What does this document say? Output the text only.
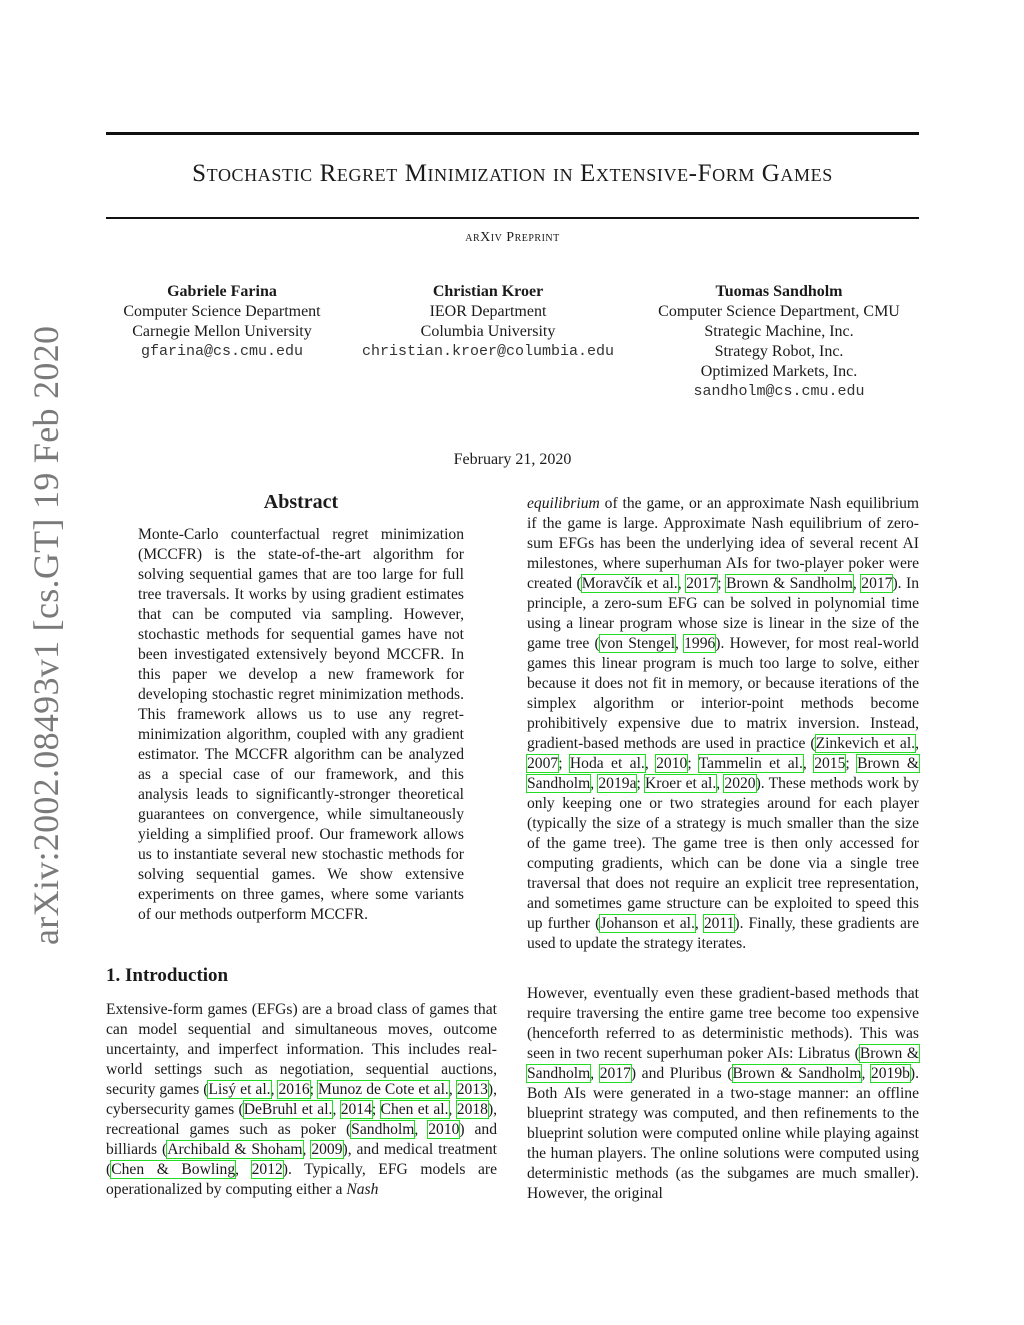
Stochastic Regret Minimization in Extensive-Form Games
arXiv Preprint
Gabriele Farina
Computer Science Department
Carnegie Mellon University
gfarina@cs.cmu.edu
Christian Kroer
IEOR Department
Columbia University
christian.kroer@columbia.edu
Tuomas Sandholm
Computer Science Department, CMU
Strategic Machine, Inc.
Strategy Robot, Inc.
Optimized Markets, Inc.
sandholm@cs.cmu.edu
February 21, 2020
arXiv:2002.08493v1 [cs.GT] 19 Feb 2020	Abstract

Monte-Carlo counterfactual regret minimization (MCCFR) is the state-of-the-art algorithm for solving sequential games that are too large for full tree traversals. It works by using gradient estimates that can be computed via sampling. However, stochastic methods for sequential games have not been investigated extensively beyond MCCFR. In this paper we develop a new framework for developing stochastic regret minimization methods. This framework allows us to use any regret-minimization algorithm, coupled with any gradient estimator. The MCCFR algorithm can be analyzed as a special case of our framework, and this analysis leads to significantly-stronger theoretical guarantees on convergence, while simultaneously yielding a simplified proof. Our framework allows us to instantiate several new stochastic methods for solving sequential games. We show extensive experiments on three games, where some variants of our methods outperform MCCFR.

1. Introduction

Extensive-form games (EFGs) are a broad class of games that can model sequential and simultaneous moves, outcome uncertainty, and imperfect information. This includes real-world settings such as negotiation, sequential auctions, security games (Lisý et al., 2016; Munoz de Cote et al., 2013), cybersecurity games (DeBruhl et al., 2014; Chen et al., 2018), recreational games such as poker (Sandholm, 2010) and billiards (Archibald & Shoham, 2009), and medical treatment (Chen & Bowling, 2012). Typically, EFG models are operationalized by computing either a Nash

equilibrium of the game, or an approximate Nash equilibrium if the game is large. Approximate Nash equilibrium of zero-sum EFGs has been the underlying idea of several recent AI milestones, where superhuman AIs for two-player poker were created (Moravčík et al., 2017; Brown & Sandholm, 2017). In principle, a zero-sum EFG can be solved in polynomial time using a linear program whose size is linear in the size of the game tree (von Stengel, 1996). However, for most real-world games this linear program is much too large to solve, either because it does not fit in memory, or because iterations of the simplex algorithm or interior-point methods become prohibitively expensive due to matrix inversion. Instead, gradient-based methods are used in practice (Zinkevich et al., 2007; Hoda et al., 2010; Tammelin et al., 2015; Brown & Sandholm, 2019a; Kroer et al., 2020). These methods work by only keeping one or two strategies around for each player (typically the size of a strategy is much smaller than the size of the game tree). The game tree is then only accessed for computing gradients, which can be done via a single tree traversal that does not require an explicit tree representation, and sometimes game structure can be exploited to speed this up further (Johanson et al., 2011). Finally, these gradients are used to update the strategy iterates.

However, eventually even these gradient-based methods that require traversing the entire game tree become too expensive (henceforth referred to as deterministic methods). This was seen in two recent superhuman poker AIs: Libratus (Brown & Sandholm, 2017) and Pluribus (Brown & Sandholm, 2019b). Both AIs were generated in a two-stage manner: an offline blueprint strategy was computed, and then refinements to the blueprint solution were computed online while playing against the human players. The online solutions were computed using deterministic methods (as the subgames are much smaller). However, the original
